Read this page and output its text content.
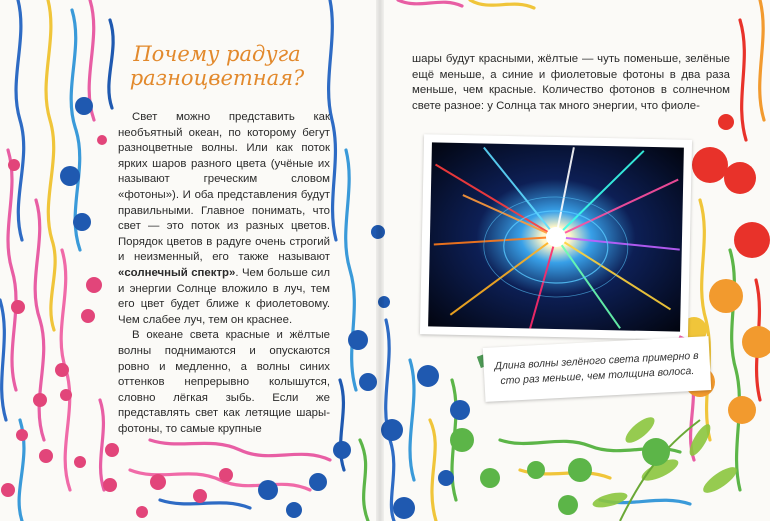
Почему радуга
разноцветная?

Свет можно представить как необъятный океан, по которому бегут разноцветные волны. Или как поток ярких шаров разного цвета (учёные их называют греческим словом «фотоны»). И оба представления будут правильными. Главное понимать, что свет — это поток из разных цветов. Порядок цветов в радуге очень строгий и неизменный, его также называют «солнечный спектр». Чем больше сил и энергии Солнце вложило в луч, тем его цвет будет ближе к фиолетовому. Чем слабее луч, тем он краснее.

В океане света красные и жёлтые волны поднимаются и опускаются ровно и медленно, а волны синих оттенков непрерывно колышутся, словно лёгкая зыбь. Если же представлять свет как летящие шары-фотоны, то самые крупные

шары будут красными, жёлтые — чуть поменьше, зелёные ещё меньше, а синие и фиолетовые фотоны в два раза меньше, чем красные. Количество фотонов в солнечном свете разное: у Солнца так много энергии, что фиоле-

Длина волны зелёного света примерно в сто раз меньше, чем толщина волоса.
